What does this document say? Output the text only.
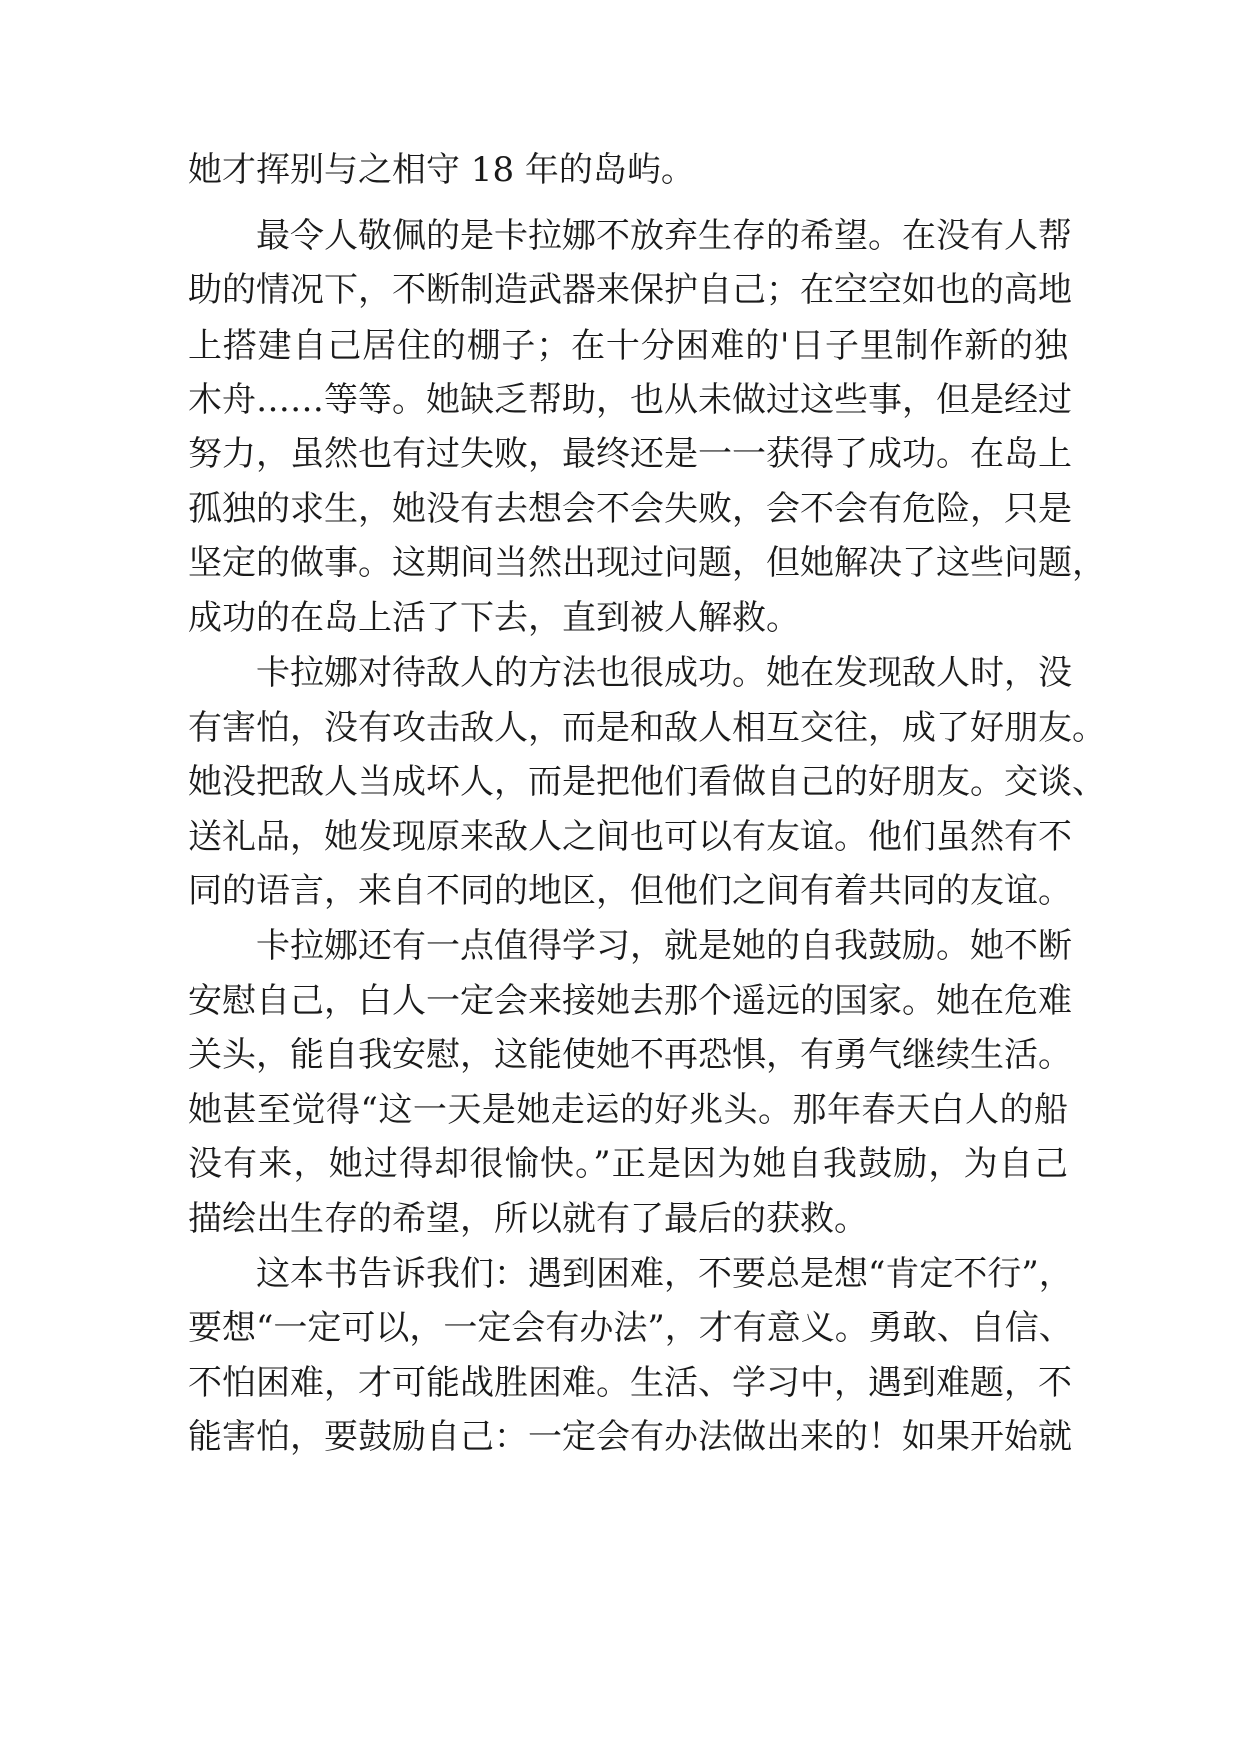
她才挥别与之相守 18 年的岛屿。
最令人敬佩的是卡拉娜不放弃生存的希望。在没有人帮
助的情况下，不断制造武器来保护自己；在空空如也的高地
上搭建自己居住的棚子；在十分困难的'日子里制作新的独
木舟……等等。她缺乏帮助，也从未做过这些事，但是经过
努力，虽然也有过失败，最终还是一一获得了成功。在岛上
孤独的求生，她没有去想会不会失败，会不会有危险，只是
坚定的做事。这期间当然出现过问题，但她解决了这些问题，
成功的在岛上活了下去，直到被人解救。
卡拉娜对待敌人的方法也很成功。她在发现敌人时，没
有害怕，没有攻击敌人，而是和敌人相互交往，成了好朋友。
她没把敌人当成坏人，而是把他们看做自己的好朋友。交谈、
送礼品，她发现原来敌人之间也可以有友谊。他们虽然有不
同的语言，来自不同的地区，但他们之间有着共同的友谊。
卡拉娜还有一点值得学习，就是她的自我鼓励。她不断
安慰自己，白人一定会来接她去那个遥远的国家。她在危难
关头，能自我安慰，这能使她不再恐惧，有勇气继续生活。
她甚至觉得“这一天是她走运的好兆头。那年春天白人的船
没有来，她过得却很愉快。”正是因为她自我鼓励，为自己
描绘出生存的希望，所以就有了最后的获救。
这本书告诉我们：遇到困难，不要总是想“肯定不行”，
要想“一定可以，一定会有办法”，才有意义。勇敢、自信、
不怕困难，才可能战胜困难。生活、学习中，遇到难题，不
能害怕，要鼓励自己：一定会有办法做出来的！如果开始就
